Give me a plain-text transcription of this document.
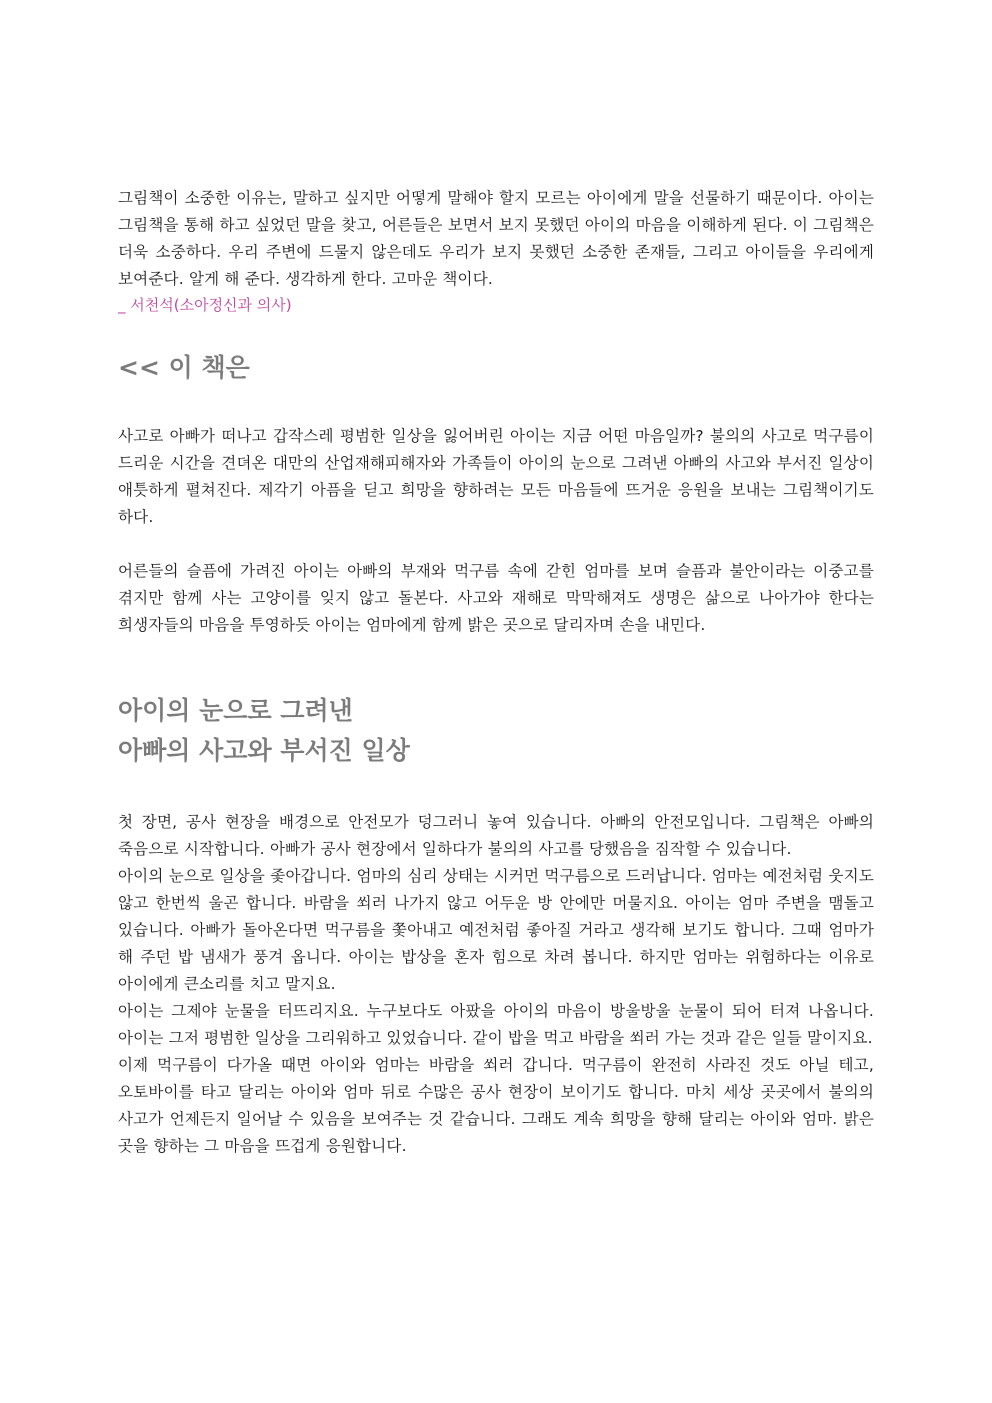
그림책이 소중한 이유는, 말하고 싶지만 어떻게 말해야 할지 모르는 아이에게 말을 선물하기 때문이다. 아이는 그림책을 통해 하고 싶었던 말을 찾고, 어른들은 보면서 보지 못했던 아이의 마음을 이해하게 된다. 이 그림책은 더욱 소중하다. 우리 주변에 드물지 않은데도 우리가 보지 못했던 소중한 존재들, 그리고 아이들을 우리에게 보여준다. 알게 해 준다. 생각하게 한다. 고마운 책이다.

_ 서천석(소아정신과 의사)

<< 이 책은

사고로 아빠가 떠나고 갑작스레 평범한 일상을 잃어버린 아이는 지금 어떤 마음일까? 불의의 사고로 먹구름이 드리운 시간을 견뎌온 대만의 산업재해피해자와 가족들이 아이의 눈으로 그려낸 아빠의 사고와 부서진 일상이 애틋하게 펼쳐진다. 제각기 아픔을 딛고 희망을 향하려는 모든 마음들에 뜨거운 응원을 보내는 그림책이기도 하다.

어른들의 슬픔에 가려진 아이는 아빠의 부재와 먹구름 속에 갇힌 엄마를 보며 슬픔과 불안이라는 이중고를 겪지만 함께 사는 고양이를 잊지 않고 돌본다. 사고와 재해로 막막해져도 생명은 삶으로 나아가야 한다는 희생자들의 마음을 투영하듯 아이는 엄마에게 함께 밝은 곳으로 달리자며 손을 내민다.

아이의 눈으로 그려낸
아빠의 사고와 부서진 일상

첫 장면, 공사 현장을 배경으로 안전모가 덩그러니 놓여 있습니다. 아빠의 안전모입니다. 그림책은 아빠의 죽음으로 시작합니다. 아빠가 공사 현장에서 일하다가 불의의 사고를 당했음을 짐작할 수 있습니다.

아이의 눈으로 일상을 좇아갑니다. 엄마의 심리 상태는 시커먼 먹구름으로 드러납니다. 엄마는 예전처럼 웃지도 않고 한번씩 울곤 합니다. 바람을 쐬러 나가지 않고 어두운 방 안에만 머물지요. 아이는 엄마 주변을 맴돌고 있습니다. 아빠가 돌아온다면 먹구름을 쫓아내고 예전처럼 좋아질 거라고 생각해 보기도 합니다. 그때 엄마가 해 주던 밥 냄새가 풍겨 옵니다. 아이는 밥상을 혼자 힘으로 차려 봅니다. 하지만 엄마는 위험하다는 이유로 아이에게 큰소리를 치고 말지요.

아이는 그제야 눈물을 터뜨리지요. 누구보다도 아팠을 아이의 마음이 방울방울 눈물이 되어 터져 나옵니다. 아이는 그저 평범한 일상을 그리워하고 있었습니다. 같이 밥을 먹고 바람을 쐬러 가는 것과 같은 일들 말이지요.

이제 먹구름이 다가올 때면 아이와 엄마는 바람을 쐬러 갑니다. 먹구름이 완전히 사라진 것도 아닐 테고, 오토바이를 타고 달리는 아이와 엄마 뒤로 수많은 공사 현장이 보이기도 합니다. 마치 세상 곳곳에서 불의의 사고가 언제든지 일어날 수 있음을 보여주는 것 같습니다. 그래도 계속 희망을 향해 달리는 아이와 엄마. 밝은 곳을 향하는 그 마음을 뜨겁게 응원합니다.
